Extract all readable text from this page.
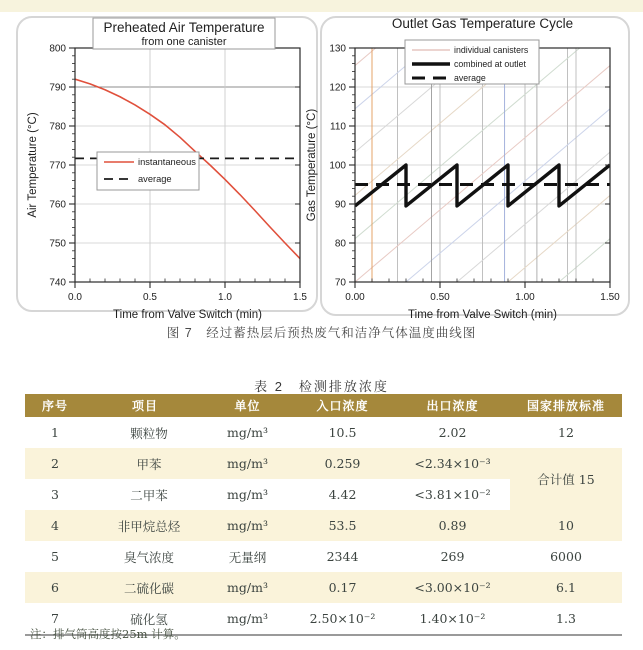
740
750
760
770
780
790
800
0.0	0.5	1.0	1.5
Time from Valve Switch (min)
Air Temperature (°C)
Preheated Air Temperature
from one canister
instantaneous
average
70
80
90
100
110
120
130
0.00	0.50	1.00	1.50
Time from Valve Switch (min)
Gas Temperature (°C)
Outlet Gas Temperature Cycle
individual canisters
combined at outlet
average
图 7　经过蓄热层后预热废气和洁净气体温度曲线图
表 2　检测排放浓度
序号	项目	单位	入口浓度	出口浓度	国家排放标准
1	颗粒物	mg/m³	10.5	2.02	12
2	甲苯	mg/m³	0.259	<2.34×10⁻³	合计值 15
3	二甲苯	mg/m³	4.42	<3.81×10⁻²	
4	非甲烷总烃	mg/m³	53.5	0.89	10
5	臭气浓度	无量纲	2344	269	6000
6	二硫化碳	mg/m³	0.17	<3.00×10⁻²	6.1
7	硫化氢	mg/m³	2.50×10⁻²	1.40×10⁻²	1.3
注：排气筒高度按25m 计算。
